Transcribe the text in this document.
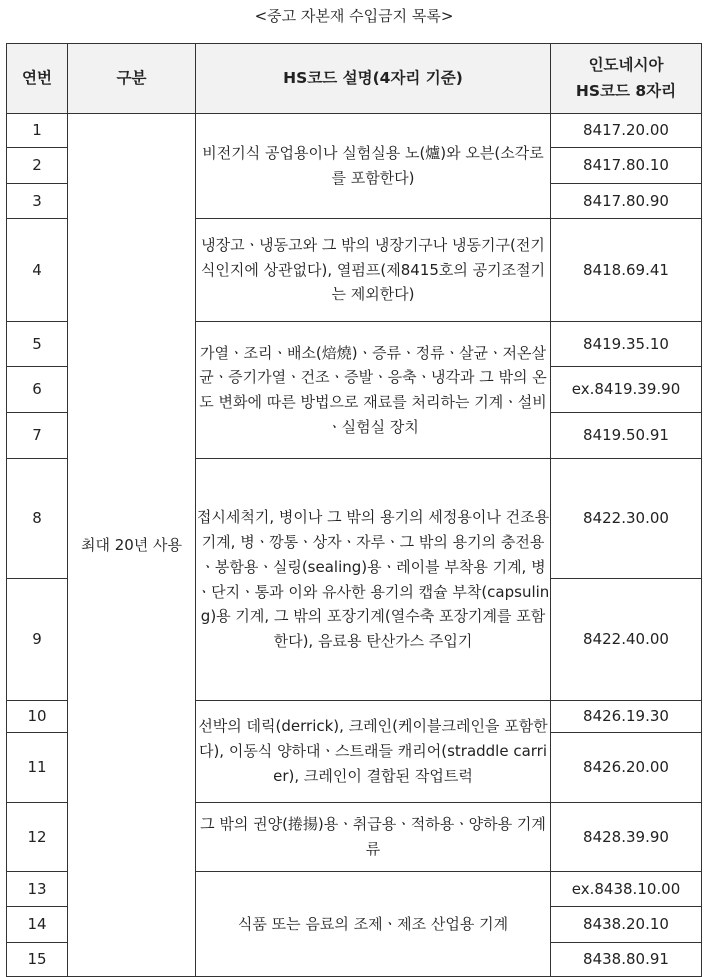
<중고 자본재 수입금지 목록>
연번	구분	HS코드 설명(4자리 기준)	인도네시아
HS코드 8자리
1	최대 20년 사용	비전기식 공업용이나 실험실용 노(爐)와 오븐(소각로를 포함한다)	8417.20.00
2			8417.80.10
3			8417.80.90
4		냉장고ㆍ냉동고와 그 밖의 냉장기구나 냉동기구(전기식인지에 상관없다), 열펌프(제8415호의 공기조절기는 제외한다)	8418.69.41
5		가열ㆍ조리ㆍ배소(焙燒)ㆍ증류ㆍ정류ㆍ살균ㆍ저온살균ㆍ증기가열ㆍ건조ㆍ증발ㆍ응축ㆍ냉각과 그 밖의 온도 변화에 따른 방법으로 재료를 처리하는 기계ㆍ설비ㆍ실험실 장치	8419.35.10
6			ex.8419.39.90
7			8419.50.91
8		접시세척기, 병이나 그 밖의 용기의 세정용이나 건조용 기계, 병ㆍ깡통ㆍ상자ㆍ자루ㆍ그 밖의 용기의 충전용ㆍ봉함용ㆍ실링(sealing)용ㆍ레이블 부착용 기계, 병ㆍ단지ㆍ통과 이와 유사한 용기의 캡슐 부착(capsuling)용 기계, 그 밖의 포장기계(열수축 포장기계를 포함한다), 음료용 탄산가스 주입기	8422.30.00
9			8422.40.00
10		선박의 데릭(derrick), 크레인(케이블크레인을 포함한다), 이동식 양하대ㆍ스트래들 캐리어(straddle carrier), 크레인이 결합된 작업트럭	8426.19.30
11			8426.20.00
12		그 밖의 권양(捲揚)용ㆍ취급용ㆍ적하용ㆍ양하용 기계류	8428.39.90
13		식품 또는 음료의 조제ㆍ제조 산업용 기계	ex.8438.10.00
14			8438.20.10
15			8438.80.91
